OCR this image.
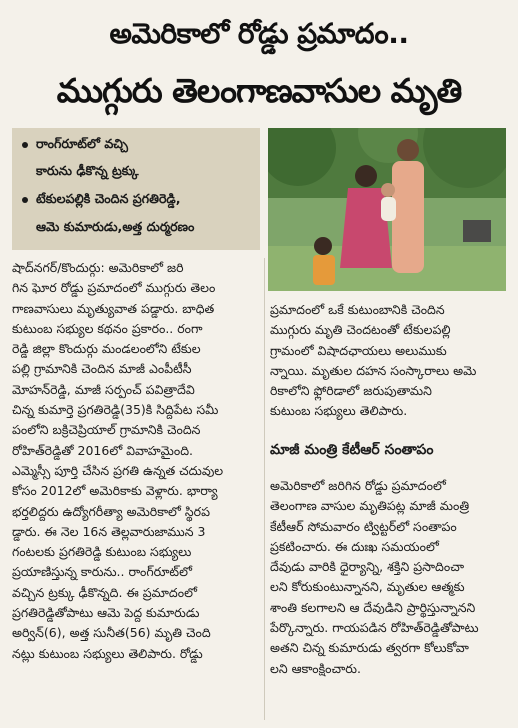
అమెరికాలో రోడ్డు ప్రమాదం..
ముగ్గురు తెలంగాణవాసుల మృతి
రాంగ్‌రూట్‌లో వచ్చి
కారును ఢీకొన్న ట్రక్కు
టేకులపల్లికి చెందిన ప్రగతిరెడ్డి,
ఆమె కుమారుడు,అత్త దుర్మరణం
షాద్‌నగర్/కొందుర్గు: అమెరికాలో జరి
గిన ఘోర రోడ్డు ప్రమాదంలో ముగ్గురు తెలం
గాణవాసులు మృత్యువాత పడ్డారు. బాధిత
కుటుంబ సభ్యుల కథనం ప్రకారం.. రంగా
రెడ్డి జిల్లా కొందుర్గు మండలంలోని టేకుల
పల్లి గ్రామానికి చెందిన మాజీ ఎంపీటీసీ
మోహన్‌రెడ్డి, మాజీ సర్పంచ్ పవిత్రాదేవి
చిన్న కుమార్తె ప్రగతిరెడ్డి(35)కి సిద్దిపేట సమీ
పంలోని బక్రిచెప్రియాల్ గ్రామానికి చెందిన
రోహిత్‌రెడ్డితో 2016లో వివాహమైంది.
ఎమ్మెస్సీ పూర్తి చేసిన ప్రగతి ఉన్నత చదువుల
కోసం 2012లో అమెరికాకు వెళ్లారు. భార్యా
భర్తలిద్దరు ఉద్యోగరీత్యా అమెరికాలో స్థిరప
డ్డారు. ఈ నెల 16న తెల్లవారుజామున 3
గంటలకు ప్రగతిరెడ్డి కుటుంబ సభ్యులు
ప్రయాణిస్తున్న కారును.. రాంగ్‌రూట్‌లో
వచ్చిన ట్రక్కు ఢీకొన్నది. ఈ ప్రమాదంలో
ప్రగతిరెడ్డితోపాటు ఆమె పెద్ద కుమారుడు
అర్విన్(6), అత్త సునీత(56) మృతి చెంది
నట్లు కుటుంబ సభ్యులు తెలిపారు. రోడ్డు
ప్రమాదంలో ఒకే కుటుంబానికి చెందిన
ముగ్గురు మృతి చెందటంతో టేకులపల్లి
గ్రామంలో విషాదఛాయలు అలుముకు
న్నాయి. మృతుల దహన సంస్కారాలు అమె
రికాలోని ఫ్లోరిడాలో జరుపుతామని
కుటుంబ సభ్యులు తెలిపారు.
మాజీ మంత్రి కేటీఆర్ సంతాపం
అమెరికాలో జరిగిన రోడ్డు ప్రమాదంలో
తెలంగాణ వాసుల మృతిపట్ల మాజీ మంత్రి
కేటీఆర్ సోమవారం ట్విట్టర్‌లో సంతాపం
ప్రకటించారు. ఈ దుఃఖ సమయంలో
దేవుడు వారికి ధైర్యాన్ని, శక్తిని ప్రసాదించా
లని కోరుకుంటున్నానని, మృతుల ఆత్మకు
శాంతి కలగాలని ఆ దేవుడిని ప్రార్థిస్తున్నానని
పేర్కొన్నారు. గాయపడిన రోహిత్‌రెడ్డితోపాటు
అతని చిన్న కుమారుడు త్వరగా కోలుకోవా
లని ఆకాంక్షించారు.
